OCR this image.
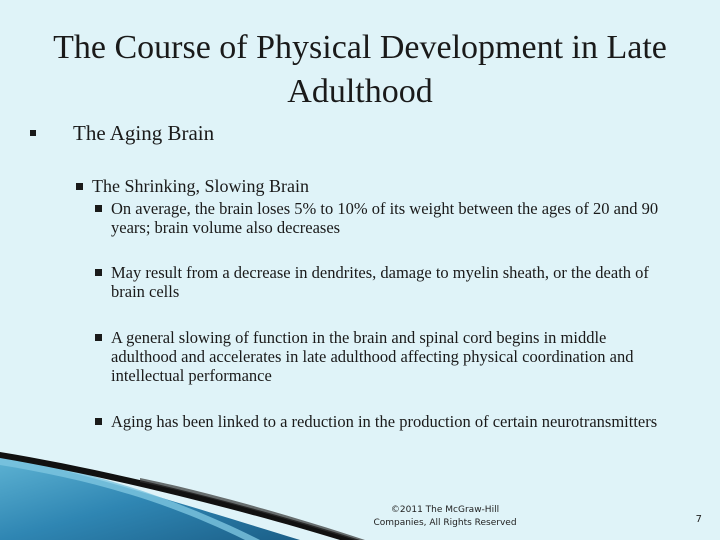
The Course of Physical Development in Late Adulthood
The Aging Brain
The Shrinking, Slowing Brain
On average, the brain loses 5% to 10% of its weight between the ages of 20 and 90 years; brain volume also decreases
May result from a decrease in dendrites, damage to myelin sheath, or the death of brain cells
A general slowing of function in the brain and spinal cord begins in middle adulthood and accelerates in late adulthood affecting physical coordination and intellectual performance
Aging has been linked to a reduction in the production of certain neurotransmitters
©2011 The McGraw-Hill
Companies, All Rights Reserved	7
